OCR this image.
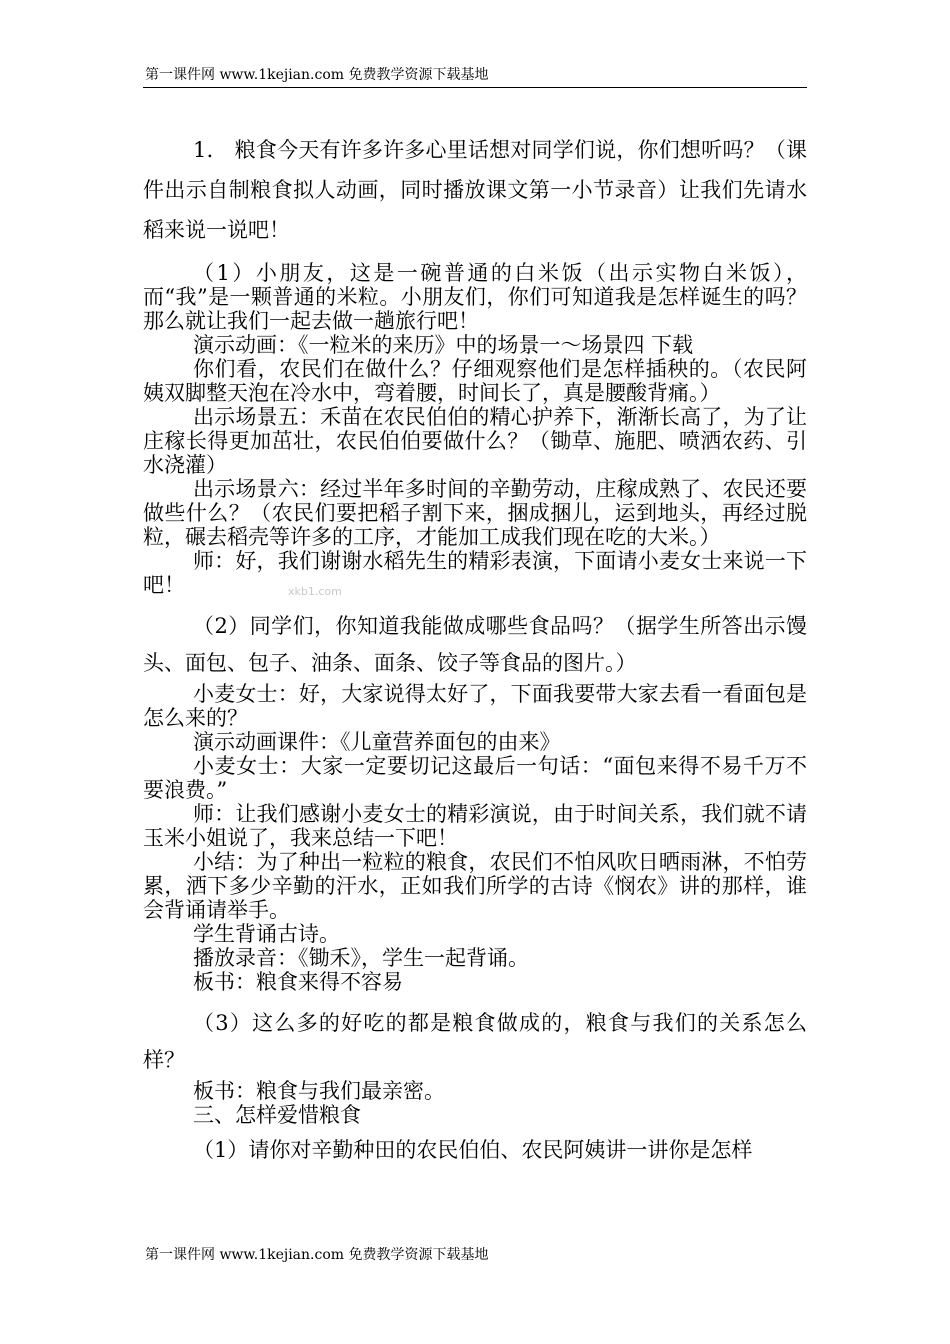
第一课件网 www.1kejian.com 免费教学资源下载基地

1． 粮食今天有许多许多心里话想对同学们说，你们想听吗？（课件出示自制粮食拟人动画，同时播放课文第一小节录音）让我们先请水稻来说一说吧！

（1）小朋友，这是一碗普通的白米饭（出示实物白米饭），而“我”是一颗普通的米粒。小朋友们，你们可知道我是怎样诞生的吗？那么就让我们一起去做一趟旅行吧！

演示动画：《一粒米的来历》中的场景一～场景四 下载

你们看，农民们在做什么？仔细观察他们是怎样插秧的。（农民阿姨双脚整天泡在冷水中，弯着腰，时间长了，真是腰酸背痛。）

出示场景五：禾苗在农民伯伯的精心护养下，渐渐长高了，为了让庄稼长得更加茁壮，农民伯伯要做什么？（锄草、施肥、喷洒农药、引水浇灌）

出示场景六：经过半年多时间的辛勤劳动，庄稼成熟了、农民还要做些什么？（农民们要把稻子割下来，捆成捆儿，运到地头，再经过脱粒，碾去稻壳等许多的工序，才能加工成我们现在吃的大米。）

师：好，我们谢谢水稻先生的精彩表演，下面请小麦女士来说一下吧！

（2）同学们，你知道我能做成哪些食品吗？（据学生所答出示馒头、面包、包子、油条、面条、饺子等食品的图片。）

小麦女士：好，大家说得太好了，下面我要带大家去看一看面包是怎么来的？

演示动画课件：《儿童营养面包的由来》

小麦女士：大家一定要切记这最后一句话：“面包来得不易千万不要浪费。”

师：让我们感谢小麦女士的精彩演说，由于时间关系，我们就不请玉米小姐说了，我来总结一下吧！

小结：为了种出一粒粒的粮食，农民们不怕风吹日晒雨淋，不怕劳累，洒下多少辛勤的汗水，正如我们所学的古诗《悯农》讲的那样，谁会背诵请举手。

学生背诵古诗。

播放录音：《锄禾》，学生一起背诵。

板书：粮食来得不容易

（3）这么多的好吃的都是粮食做成的，粮食与我们的关系怎么样？

板书：粮食与我们最亲密。

三、怎样爱惜粮食

（1）请你对辛勤种田的农民伯伯、农民阿姨讲一讲你是怎样

xkb1.com
第一课件网 www.1kejian.com 免费教学资源下载基地
